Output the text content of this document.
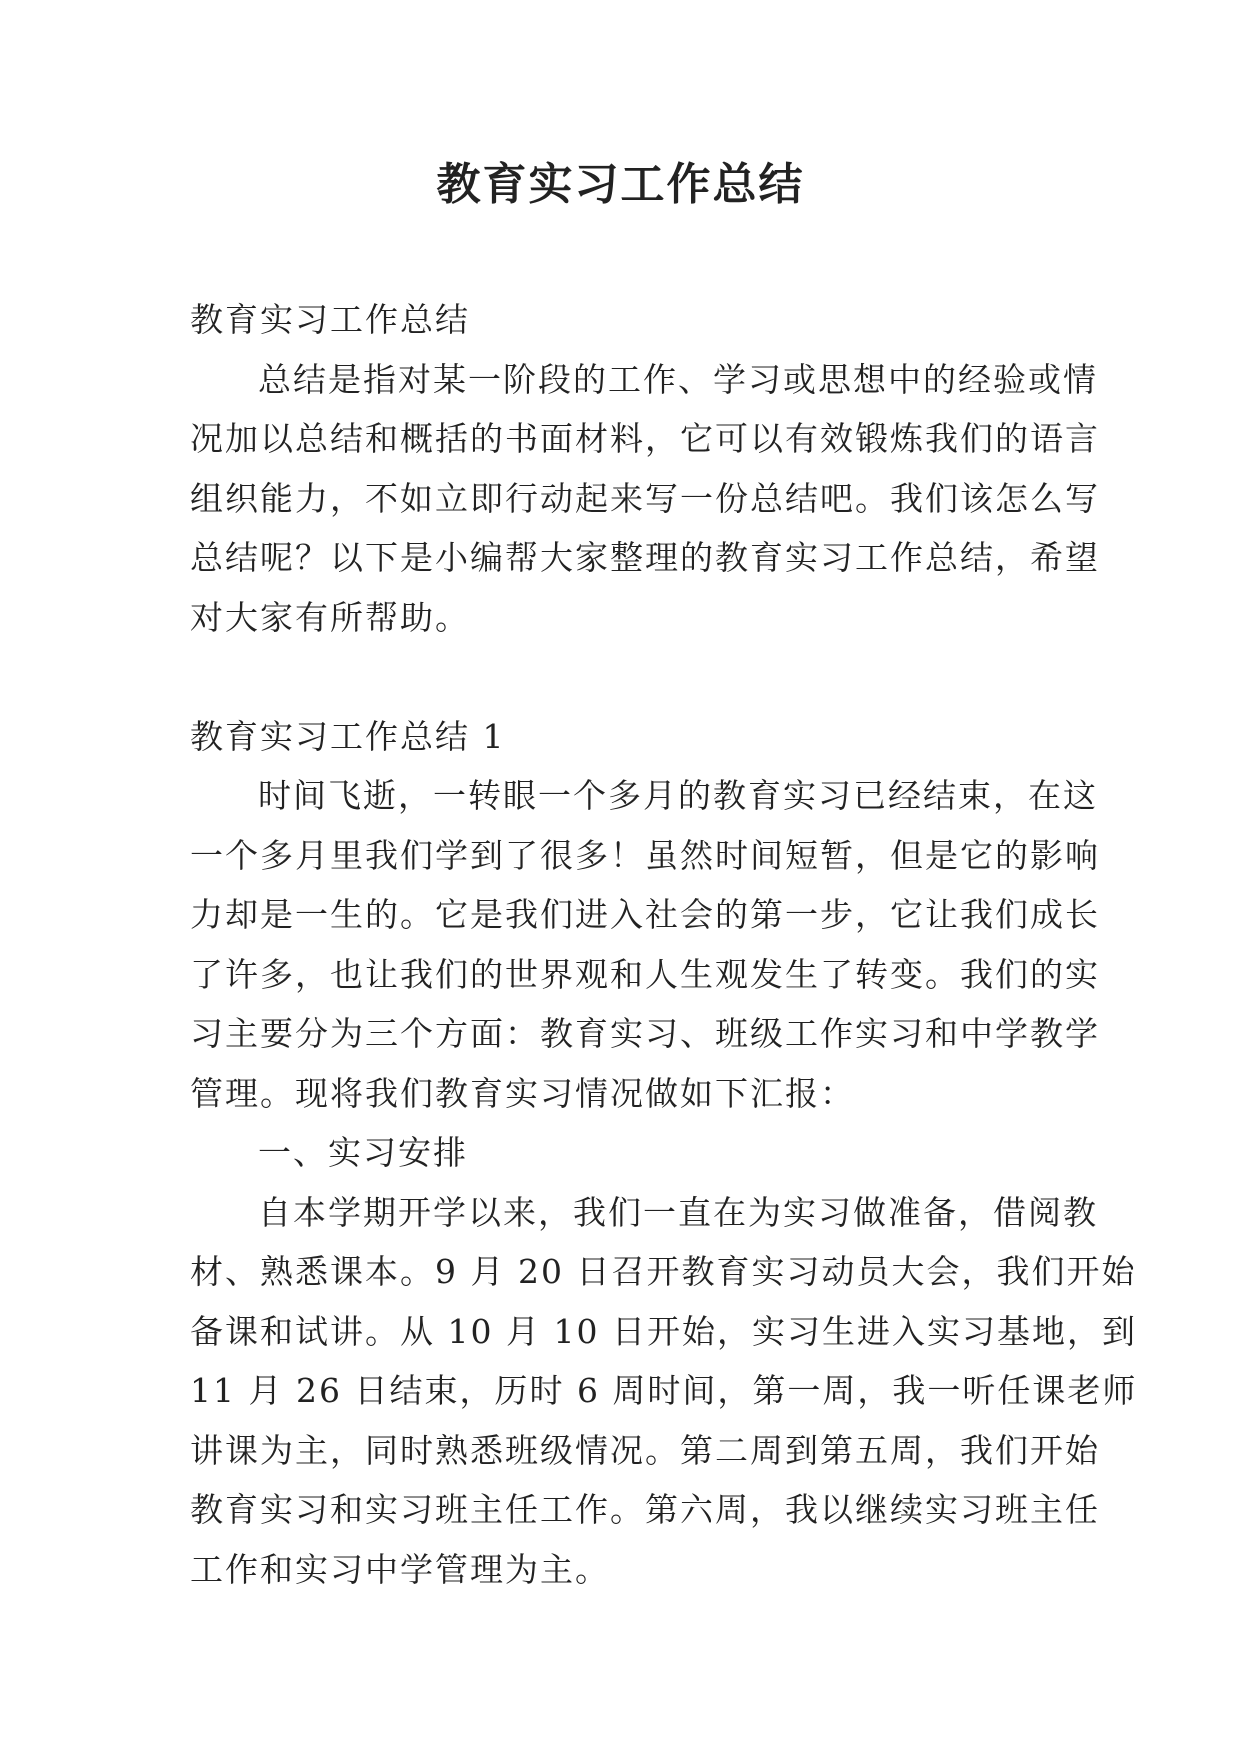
教育实习工作总结
教育实习工作总结
总结是指对某一阶段的工作、学习或思想中的经验或情
况加以总结和概括的书面材料，它可以有效锻炼我们的语言
组织能力，不如立即行动起来写一份总结吧。我们该怎么写
总结呢？以下是小编帮大家整理的教育实习工作总结，希望
对大家有所帮助。
教育实习工作总结 1
时间飞逝，一转眼一个多月的教育实习已经结束，在这
一个多月里我们学到了很多！虽然时间短暂，但是它的影响
力却是一生的。它是我们进入社会的第一步，它让我们成长
了许多，也让我们的世界观和人生观发生了转变。我们的实
习主要分为三个方面：教育实习、班级工作实习和中学教学
管理。现将我们教育实习情况做如下汇报：
一、实习安排
自本学期开学以来，我们一直在为实习做准备，借阅教
材、熟悉课本。9 月 20 日召开教育实习动员大会，我们开始
备课和试讲。从 10 月 10 日开始，实习生进入实习基地，到
11 月 26 日结束，历时 6 周时间，第一周，我一听任课老师
讲课为主，同时熟悉班级情况。第二周到第五周，我们开始
教育实习和实习班主任工作。第六周，我以继续实习班主任
工作和实习中学管理为主。
